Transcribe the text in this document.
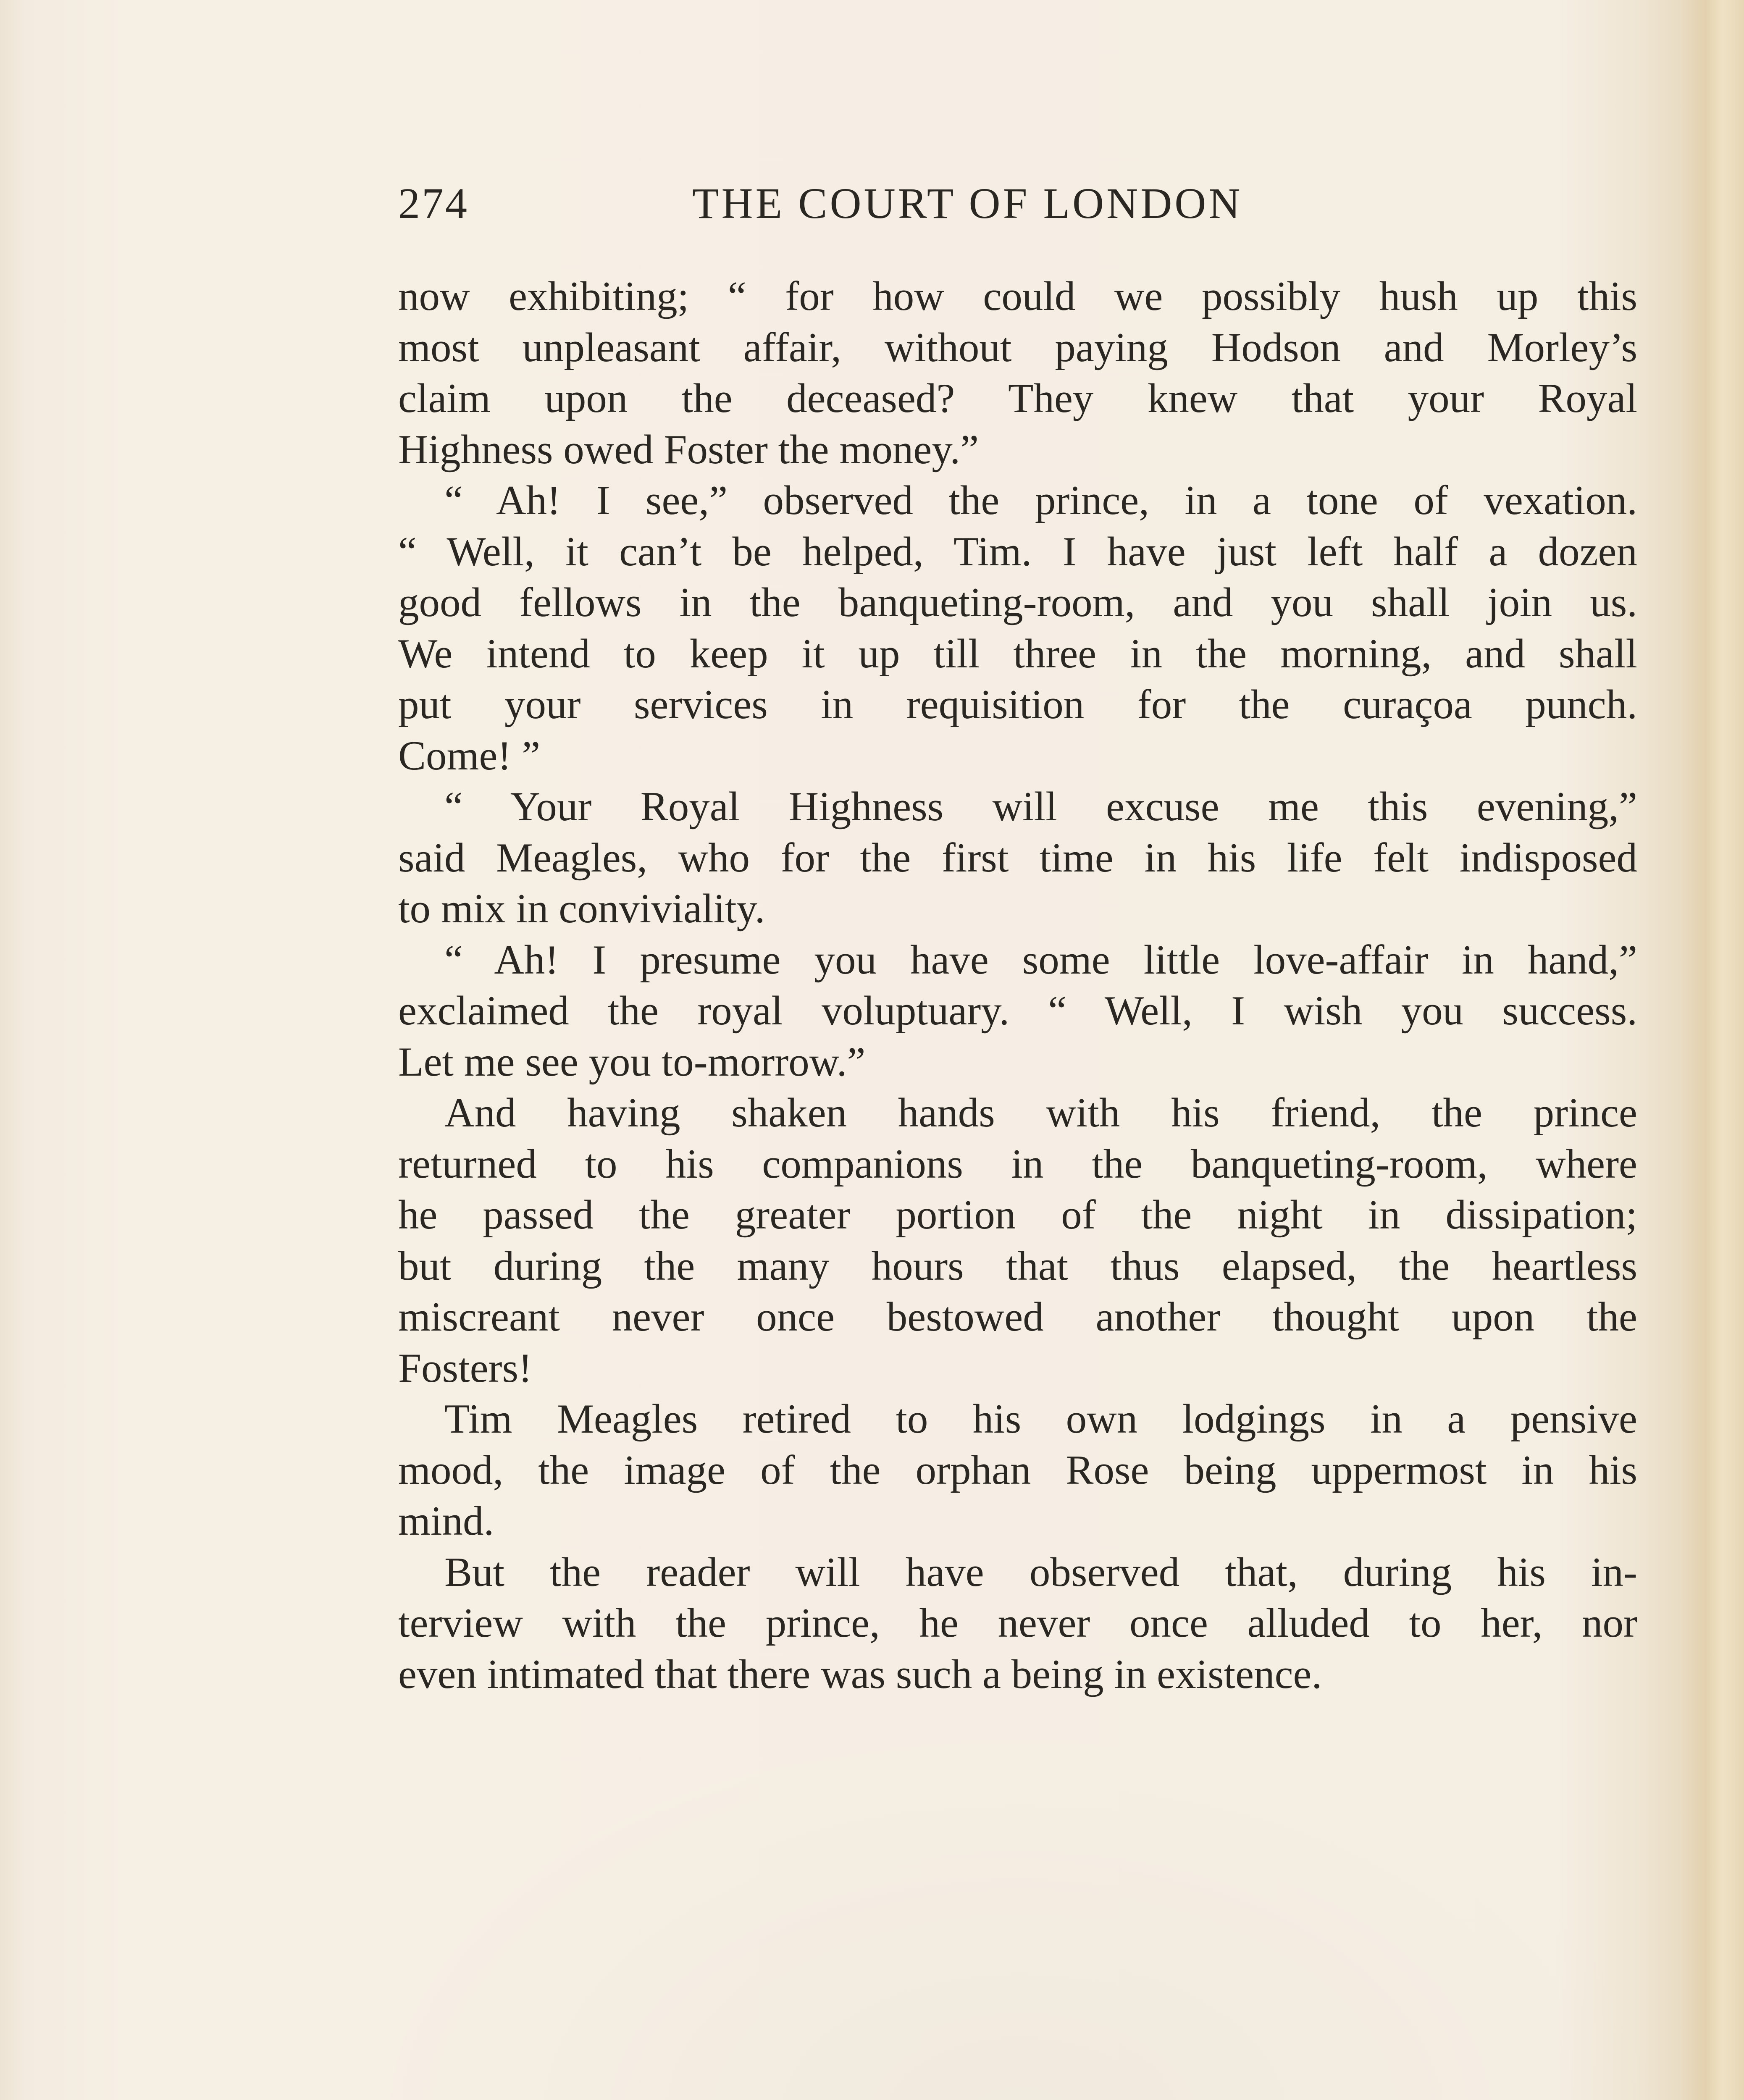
274	THE COURT OF LONDON
now exhibiting; “ for how could we possibly hush up this
most unpleasant affair, without paying Hodson and Morley’s
claim upon the deceased? They knew that your Royal
Highness owed Foster the money.”
“ Ah! I see,” observed the prince, in a tone of vexation.
“ Well, it can’t be helped, Tim. I have just left half a dozen
good fellows in the banqueting-room, and you shall join us.
We intend to keep it up till three in the morning, and shall
put your services in requisition for the curaçoa punch.
Come! ”
“ Your Royal Highness will excuse me this evening,”
said Meagles, who for the first time in his life felt indisposed
to mix in conviviality.
“ Ah! I presume you have some little love-affair in hand,”
exclaimed the royal voluptuary. “ Well, I wish you success.
Let me see you to-morrow.”
And having shaken hands with his friend, the prince
returned to his companions in the banqueting-room, where
he passed the greater portion of the night in dissipation;
but during the many hours that thus elapsed, the heartless
miscreant never once bestowed another thought upon the
Fosters!
Tim Meagles retired to his own lodgings in a pensive
mood, the image of the orphan Rose being uppermost in his
mind.
But the reader will have observed that, during his in-
terview with the prince, he never once alluded to her, nor
even intimated that there was such a being in existence.
